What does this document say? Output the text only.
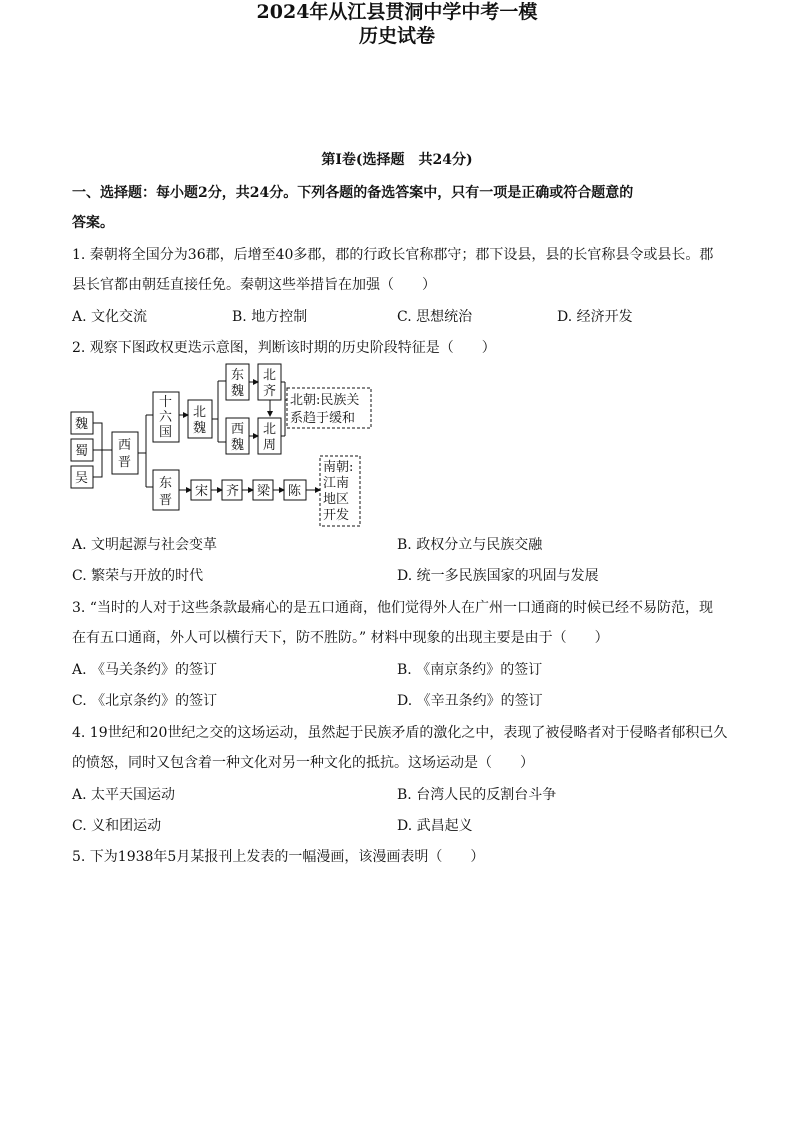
2024年从江县贯洞中学中考一模
历史试卷
第Ⅰ卷(选择题　共24分)
一、选择题：每小题2分，共24分。下列各题的备选答案中，只有一项是正确或符合题意的
答案。
1. 秦朝将全国分为36郡，后增至40多郡，郡的行政长官称郡守；郡下设县，县的长官称县令或县长。郡
县长官都由朝廷直接任免。秦朝这些举措旨在加强（　　）
A. 文化交流	B. 地方控制	C. 思想统治	D. 经济开发
2. 观察下图政权更迭示意图，判断该时期的历史阶段特征是（　　）
魏
蜀
吴
西
晋
十
六
国
北
魏
东
魏
西
魏
北
齐
北
周
北朝:民族关
系趋于缓和
东
晋
宋 齐 梁 陈
南朝:
江南
地区
开发
A. 文明起源与社会变革	B. 政权分立与民族交融
C. 繁荣与开放的时代	D. 统一多民族国家的巩固与发展
3. “当时的人对于这些条款最痛心的是五口通商，他们觉得外人在广州一口通商的时候已经不易防范，现
在有五口通商，外人可以横行天下，防不胜防。” 材料中现象的出现主要是由于（　　）
A. 《马关条约》的签订	B. 《南京条约》的签订
C. 《北京条约》的签订	D. 《辛丑条约》的签订
4. 19世纪和20世纪之交的这场运动，虽然起于民族矛盾的激化之中，表现了被侵略者对于侵略者郁积已久
的愤怒，同时又包含着一种文化对另一种文化的抵抗。这场运动是（　　）
A. 太平天国运动	B. 台湾人民的反割台斗争
C. 义和团运动	D. 武昌起义
5. 下为1938年5月某报刊上发表的一幅漫画，该漫画表明（　　）
